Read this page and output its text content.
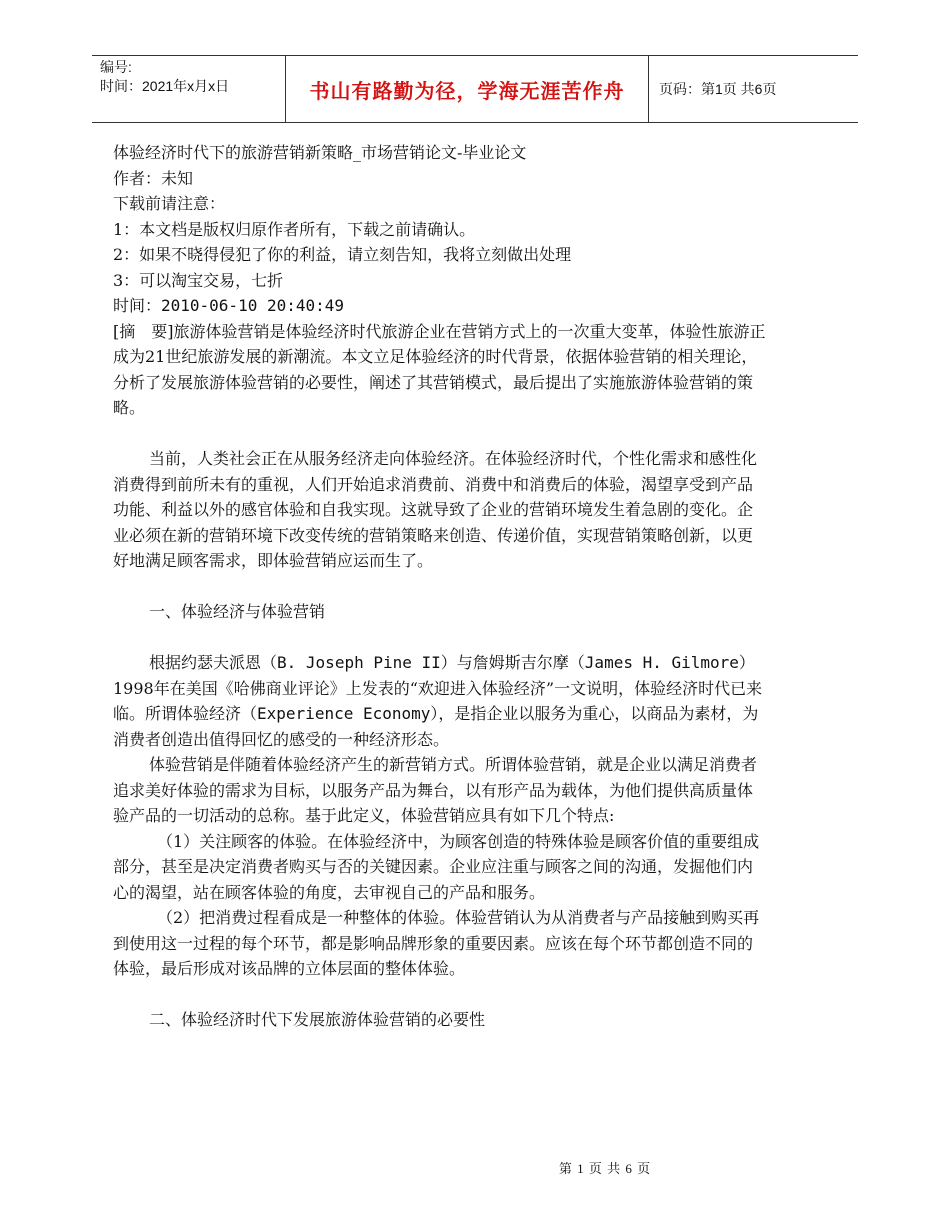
编号:
时间：2021年x月x日	书山有路勤为径，学海无涯苦作舟 页码：第1页 共6页

体验经济时代下的旅游营销新策略_市场营销论文-毕业论文

作者：未知

下载前请注意：

1：本文档是版权归原作者所有，下载之前请确认。

2：如果不晓得侵犯了你的利益，请立刻告知，我将立刻做出处理

3：可以淘宝交易，七折

时间：2010-06-10 20:40:49

[摘　要]旅游体验营销是体验经济时代旅游企业在营销方式上的一次重大变革，体验性旅游正成为21世纪旅游发展的新潮流。本文立足体验经济的时代背景，依据体验营销的相关理论，分析了发展旅游体验营销的必要性，阐述了其营销模式，最后提出了实施旅游体验营销的策略。

当前，人类社会正在从服务经济走向体验经济。在体验经济时代，个性化需求和感性化消费得到前所未有的重视，人们开始追求消费前、消费中和消费后的体验，渴望享受到产品功能、利益以外的感官体验和自我实现。这就导致了企业的营销环境发生着急剧的变化。企业必须在新的营销环境下改变传统的营销策略来创造、传递价值，实现营销策略创新，以更好地满足顾客需求，即体验营销应运而生了。

一、体验经济与体验营销

根据约瑟夫派恩（B. Joseph Pine II）与詹姆斯吉尔摩（James H. Gilmore）1998年在美国《哈佛商业评论》上发表的“欢迎进入体验经济”一文说明，体验经济时代已来临。所谓体验经济（Experience Economy），是指企业以服务为重心，以商品为素材，为消费者创造出值得回忆的感受的一种经济形态。

体验营销是伴随着体验经济产生的新营销方式。所谓体验营销，就是企业以满足消费者追求美好体验的需求为目标，以服务产品为舞台，以有形产品为载体，为他们提供高质量体验产品的一切活动的总称。基于此定义，体验营销应具有如下几个特点:

（1）关注顾客的体验。在体验经济中，为顾客创造的特殊体验是顾客价值的重要组成部分，甚至是决定消费者购买与否的关键因素。企业应注重与顾客之间的沟通，发掘他们内心的渴望，站在顾客体验的角度，去审视自己的产品和服务。

（2）把消费过程看成是一种整体的体验。体验营销认为从消费者与产品接触到购买再到使用这一过程的每个环节，都是影响品牌形象的重要因素。应该在每个环节都创造不同的体验，最后形成对该品牌的立体层面的整体体验。

二、体验经济时代下发展旅游体验营销的必要性

第 1 页 共 6 页
